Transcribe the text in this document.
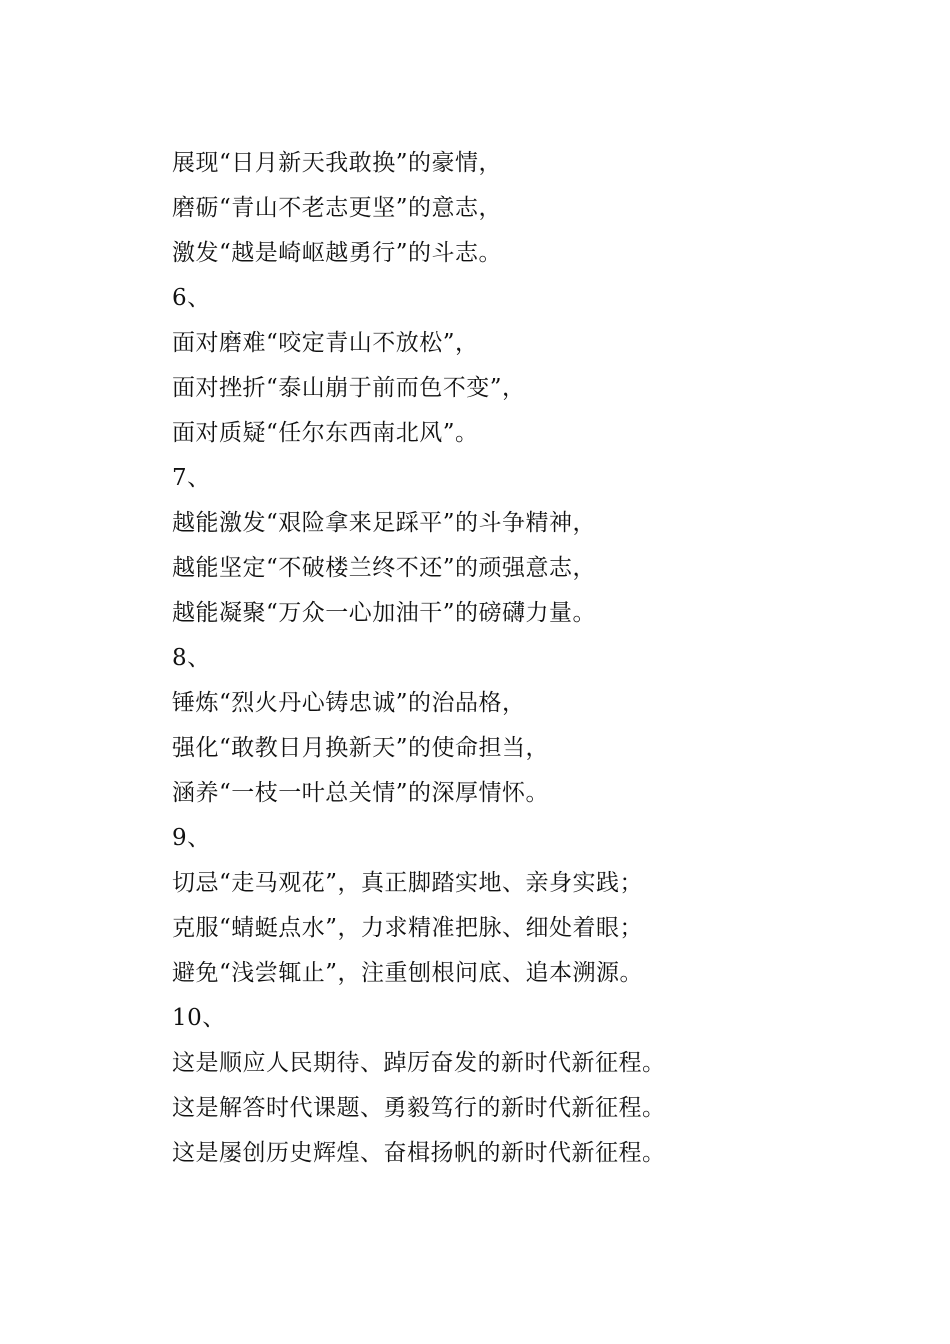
展现“日月新天我敢换”的豪情，
磨砺“青山不老志更坚”的意志，
激发“越是崎岖越勇行”的斗志。
6、
面对磨难“咬定青山不放松”，
面对挫折“泰山崩于前而色不变”，
面对质疑“任尔东西南北风”。
7、
越能激发“艰险拿来足踩平”的斗争精神，
越能坚定“不破楼兰终不还”的顽强意志，
越能凝聚“万众一心加油干”的磅礴力量。
8、
锤炼“烈火丹心铸忠诚”的治品格，
强化“敢教日月换新天”的使命担当，
涵养“一枝一叶总关情”的深厚情怀。
9、
切忌“走马观花”，真正脚踏实地、亲身实践；
克服“蜻蜓点水”，力求精准把脉、细处着眼；
避免“浅尝辄止”，注重刨根问底、追本溯源。
10、
这是顺应人民期待、踔厉奋发的新时代新征程。
这是解答时代课题、勇毅笃行的新时代新征程。
这是屡创历史辉煌、奋楫扬帆的新时代新征程。
